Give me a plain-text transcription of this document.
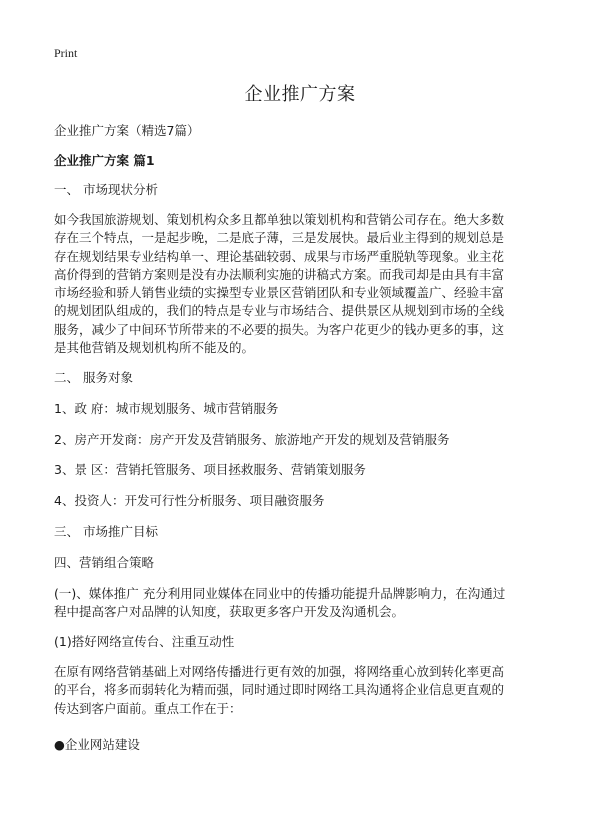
Print
企业推广方案

企业推广方案（精选7篇）

企业推广方案 篇1

一、 市场现状分析

如今我国旅游规划、策划机构众多且都单独以策划机构和营销公司存在。绝大多数
存在三个特点，一是起步晚，二是底子薄，三是发展快。最后业主得到的规划总是
存在规划结果专业结构单一、理论基础较弱、成果与市场严重脱轨等现象。业主花
高价得到的营销方案则是没有办法顺利实施的讲稿式方案。而我司却是由具有丰富
市场经验和骄人销售业绩的实操型专业景区营销团队和专业领域覆盖广、经验丰富
的规划团队组成的，我们的特点是专业与市场结合、提供景区从规划到市场的全线
服务，减少了中间环节所带来的不必要的损失。为客户花更少的钱办更多的事，这
是其他营销及规划机构所不能及的。

二、 服务对象

1、政 府：城市规划服务、城市营销服务

2、房产开发商：房产开发及营销服务、旅游地产开发的规划及营销服务

3、景 区：营销托管服务、项目拯救服务、营销策划服务

4、投资人：开发可行性分析服务、项目融资服务

三、 市场推广目标

四、营销组合策略

(一)、媒体推广 充分利用同业媒体在同业中的传播功能提升品牌影响力，在沟通过
程中提高客户对品牌的认知度，获取更多客户开发及沟通机会。

(1)搭好网络宣传台、注重互动性

在原有网络营销基础上对网络传播进行更有效的加强，将网络重心放到转化率更高
的平台，将多而弱转化为精而强，同时通过即时网络工具沟通将企业信息更直观的
传达到客户面前。重点工作在于：

●企业网站建设
